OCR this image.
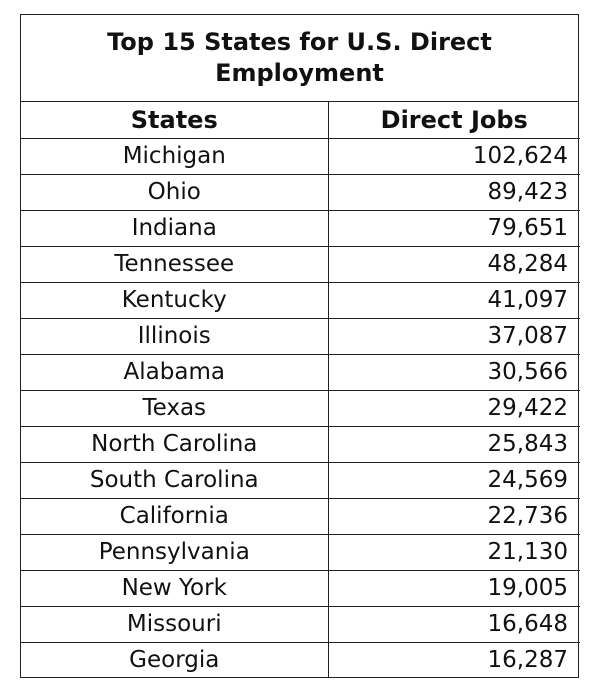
Top 15 States for U.S. Direct Employment
States	Direct Jobs
Michigan	102,624
Ohio	89,423
Indiana	79,651
Tennessee	48,284
Kentucky	41,097
Illinois	37,087
Alabama	30,566
Texas	29,422
North Carolina	25,843
South Carolina	24,569
California	22,736
Pennsylvania	21,130
New York	19,005
Missouri	16,648
Georgia	16,287
